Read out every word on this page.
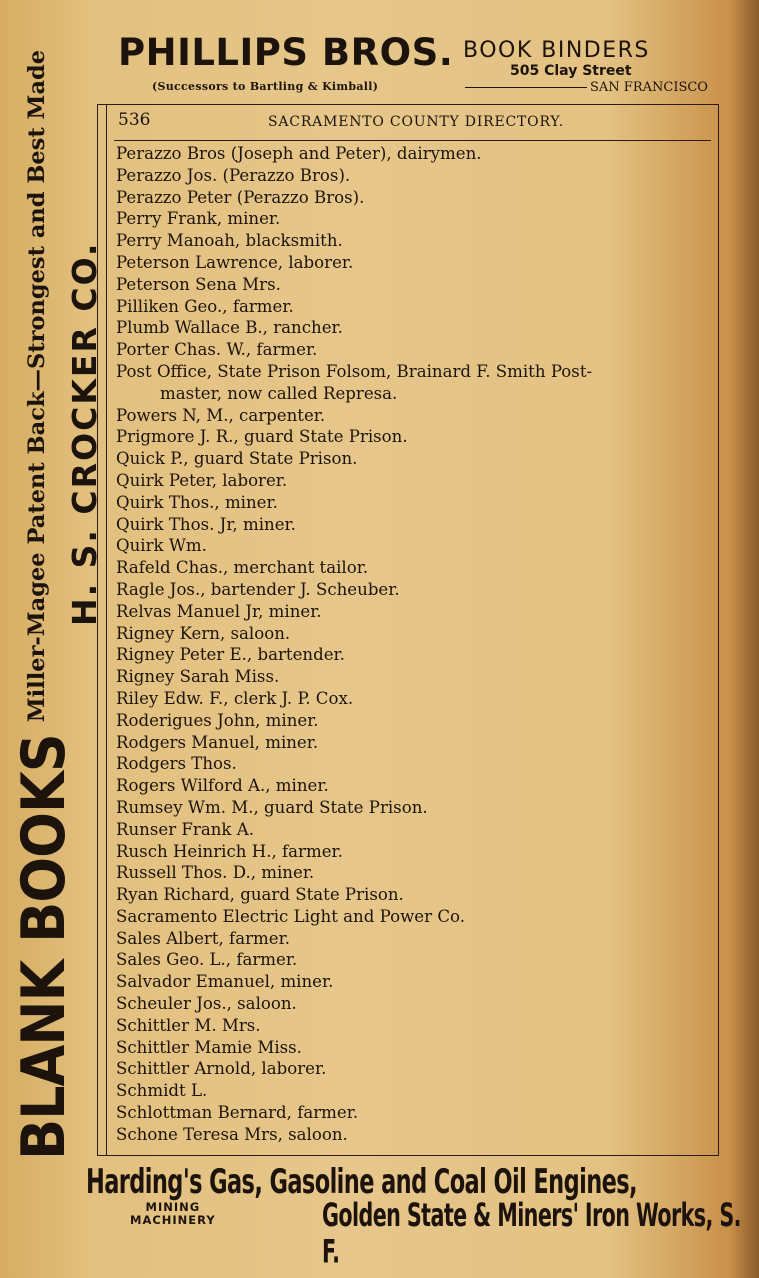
PHILLIPS BROS.
(Successors to Bartling & Kimball)
BOOK BINDERS
505 Clay Street
SAN FRANCISCO
BLANK BOOKSMiller-Magee Patent Back—Strongest and Best Made H. S. CROCKER CO.
536	SACRAMENTO COUNTY DIRECTORY.
Perazzo Bros (Joseph and Peter), dairymen.
Perazzo Jos. (Perazzo Bros).
Perazzo Peter (Perazzo Bros).
Perry Frank, miner.
Perry Manoah, blacksmith.
Peterson Lawrence, laborer.
Peterson Sena Mrs.
Pilliken Geo., farmer.
Plumb Wallace B., rancher.
Porter Chas. W., farmer.
Post Office, State Prison Folsom, Brainard F. Smith Post-
master, now called Represa.
Powers N, M., carpenter.
Prigmore J. R., guard State Prison.
Quick P., guard State Prison.
Quirk Peter, laborer.
Quirk Thos., miner.
Quirk Thos. Jr, miner.
Quirk Wm.
Rafeld Chas., merchant tailor.
Ragle Jos., bartender J. Scheuber.
Relvas Manuel Jr, miner.
Rigney Kern, saloon.
Rigney Peter E., bartender.
Rigney Sarah Miss.
Riley Edw. F., clerk J. P. Cox.
Roderigues John, miner.
Rodgers Manuel, miner.
Rodgers Thos.
Rogers Wilford A., miner.
Rumsey Wm. M., guard State Prison.
Runser Frank A.
Rusch Heinrich H., farmer.
Russell Thos. D., miner.
Ryan Richard, guard State Prison.
Sacramento Electric Light and Power Co.
Sales Albert, farmer.
Sales Geo. L., farmer.
Salvador Emanuel, miner.
Scheuler Jos., saloon.
Schittler M. Mrs.
Schittler Mamie Miss.
Schittler Arnold, laborer.
Schmidt L.
Schlottman Bernard, farmer.
Schone Teresa Mrs, saloon.
Harding's Gas, Gasoline and Coal Oil Engines,
MINING
MACHINERY	Golden State & Miners' Iron Works, S. F.
